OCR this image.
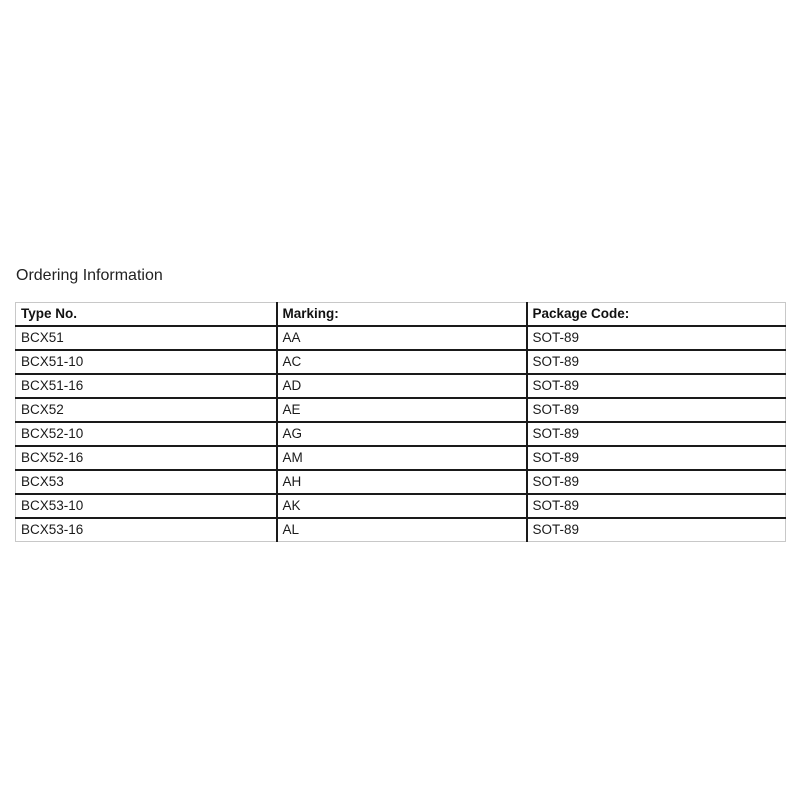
Ordering Information
Type No.	Marking:	Package Code:
BCX51	AA	SOT-89
BCX51-10	AC	SOT-89
BCX51-16	AD	SOT-89
BCX52	AE	SOT-89
BCX52-10	AG	SOT-89
BCX52-16	AM	SOT-89
BCX53	AH	SOT-89
BCX53-10	AK	SOT-89
BCX53-16	AL	SOT-89
